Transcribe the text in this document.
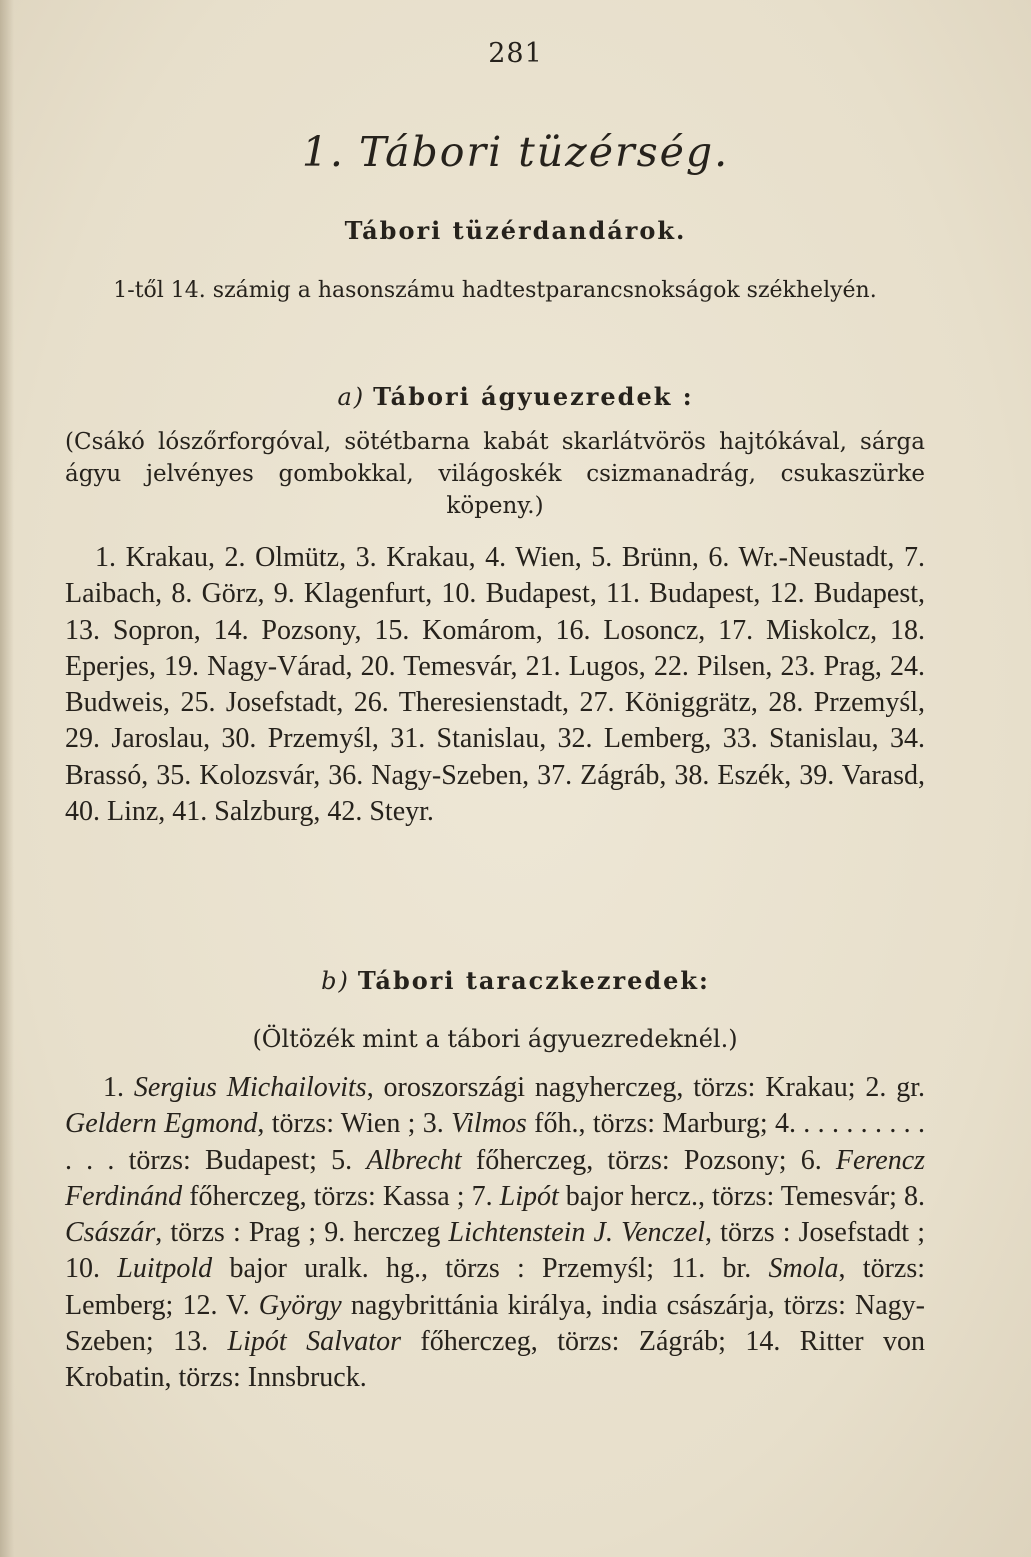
281
1. Tábori tüzérség.
Tábori tüzérdandárok.
1-től 14. számig a hasonszámu hadtestparancsnokságok székhelyén.
a) Tábori ágyuezredek :
(Csákó lószőrforgóval, sötétbarna kabát skarlátvörös hajtókával, sárga ágyu jelvényes gombokkal, világoskék csizmanadrág, csukaszürke köpeny.)
1. Krakau, 2. Olmütz, 3. Krakau, 4. Wien, 5. Brünn, 6. Wr.-Neustadt, 7. Laibach, 8. Görz, 9. Klagenfurt, 10. Budapest, 11. Budapest, 12. Budapest, 13. Sopron, 14. Pozsony, 15. Komárom, 16. Losoncz, 17. Miskolcz, 18. Eperjes, 19. Nagy-Várad, 20. Temesvár, 21. Lugos, 22. Pilsen, 23. Prag, 24. Budweis, 25. Josefstadt, 26. Theresienstadt, 27. Königgrätz, 28. Przemyśl, 29. Jaroslau, 30. Przemyśl, 31. Stanislau, 32. Lemberg, 33. Stanislau, 34. Brassó, 35. Kolozsvár, 36. Nagy-Szeben, 37. Zágráb, 38. Eszék, 39. Varasd, 40. Linz, 41. Salzburg, 42. Steyr.
b) Tábori taraczkezredek:
(Öltözék mint a tábori ágyuezredeknél.)
1. Sergius Michailovits, oroszországi nagyherczeg, törzs: Krakau; 2. gr. Geldern Egmond, törzs: Wien ; 3. Vilmos főh., törzs: Marburg; 4. . . . . . . . . . . . . törzs: Budapest; 5. Albrecht főherczeg, törzs: Pozsony; 6. Ferencz Ferdinánd főherczeg, törzs: Kassa ; 7. Lipót bajor hercz., törzs: Temesvár; 8. Császár, törzs : Prag ; 9. herczeg Lichtenstein J. Venczel, törzs : Josefstadt ; 10. Luitpold bajor uralk. hg., törzs : Przemyśl; 11. br. Smola, törzs: Lemberg; 12. V. György nagybrittánia királya, india császárja, törzs: Nagy-Szeben; 13. Lipót Salvator főherczeg, törzs: Zágráb; 14. Ritter von Krobatin, törzs: Innsbruck.
